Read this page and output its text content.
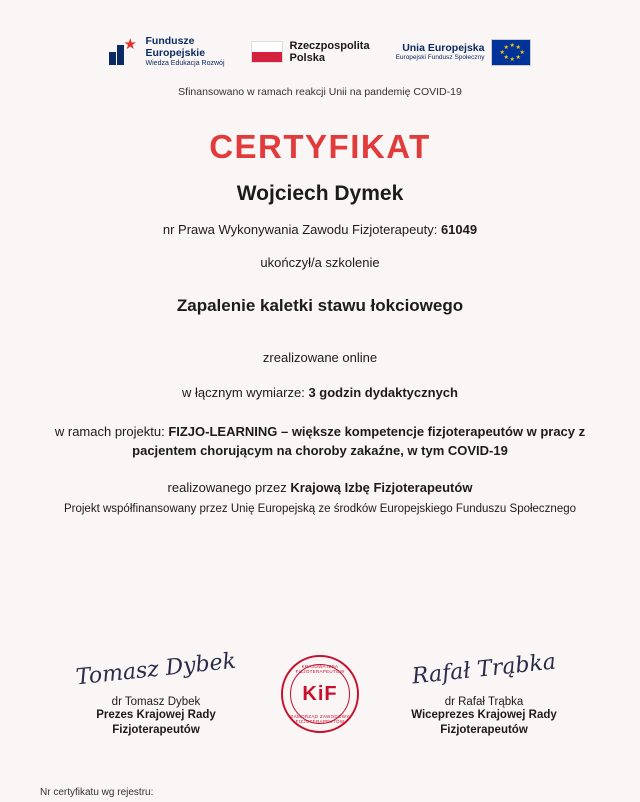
★ Fundusze
Europejskie
Wiedza Edukacja Rozwój
Rzeczpospolita
Polska
Unia Europejska
Europejski Fundusz Społeczny
★ ★
★
★
★
★
★
★
Sfinansowano w ramach reakcji Unii na pandemię COVID-19
CERTYFIKAT
Wojciech Dymek
nr Prawa Wykonywania Zawodu Fizjoterapeuty: 61049
ukończył/a szkolenie
Zapalenie kaletki stawu łokciowego
zrealizowane online
w łącznym wymiarze: 3 godzin dydaktycznych
w ramach projektu: FIZJO-LEARNING – większe kompetencje fizjoterapeutów w pracy z pacjentem chorującym na choroby zakaźne, w tym COVID-19
realizowanego przez Krajową Izbę Fizjoterapeutów
Projekt współfinansowany przez Unię Europejską ze środków Europejskiego Funduszu Społecznego
Tomasz Dybek
dr Tomasz Dybek
Prezes Krajowej Rady
Fizjoterapeutów
Rafał Trąbka
dr Rafał Trąbka
Wiceprezes Krajowej Rady
Fizjoterapeutów
KRAJOWA IZBA FIZJOTERAPEUTÓW
KiF
SAMORZĄD ZAWODOWY FIZJOTERAPEUTÓW
Nr certyfikatu wg rejestru:
